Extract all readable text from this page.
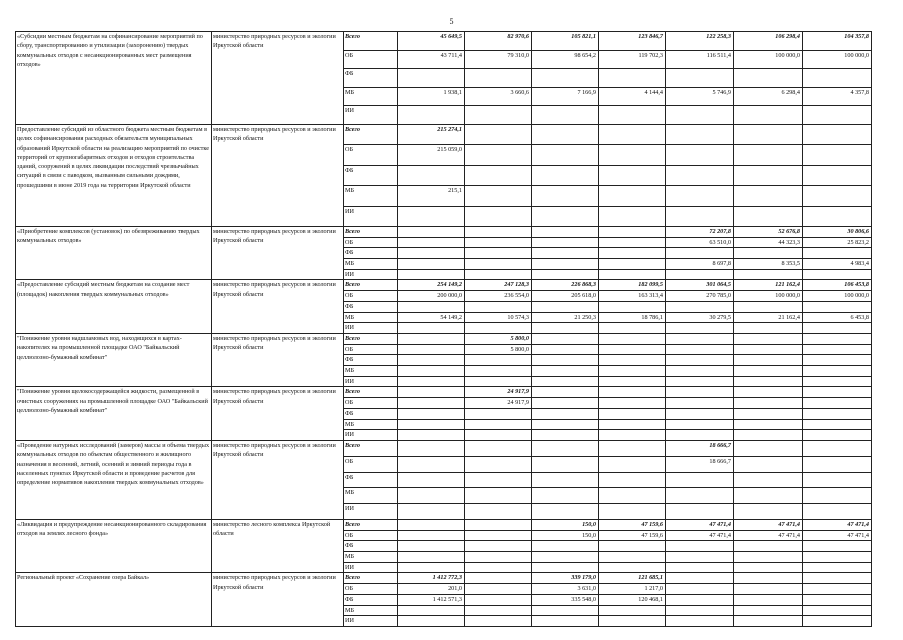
5
«Субсидии местным бюджетам на софинансирование мероприятий по сбору, транспортированию и утилизации (захоронению) твердых коммунальных отходов с несанкционированных мест размещения отходов»	министерство природных ресурсов и экологии Иркутской области	Всего	45 649,5	82 970,6	105 821,1	123 846,7	122 258,3	106 298,4	104 357,8
		ОБ	43 711,4	79 310,0	98 654,2	119 702,3	116 511,4	100 000,0	100 000,0
		ФБ							
		МБ	1 938,1	3 660,6	7 166,9	4 144,4	5 746,9	6 298,4	4 357,8
		ИИ							
Предоставление субсидий из областного бюджета местным бюджетам в целях софинансирования расходных обязательств муниципальных образований Иркутской области на реализацию мероприятий по очистке территорий от крупногабаритных отходов и отходов строительства зданий, сооружений в целях ликвидации последствий чрезвычайных ситуаций в связи с паводком, вызванным сильными дождями, прошедшими в июне 2019 года на территории Иркутской области	министерство природных ресурсов и экологии Иркутской области	Всего	215 274,1						
		ОБ	215 059,0						
		ФБ							
		МБ	215,1						
		ИИ							
«Приобретение комплексов (установок) по обезвреживанию твердых коммунальных отходов»	министерство природных ресурсов и экологии Иркутской области	Всего					72 207,8	52 676,8	30 806,6
		ОБ					63 510,0	44 323,3	25 823,2
		ФБ							
		МБ					8 697,8	8 353,5	4 983,4
		ИИ							
«Предоставление субсидий местным бюджетам на создание мест (площадок) накопления твердых коммунальных отходов»	министерство природных ресурсов и экологии Иркутской области	Всего	254 149,2	247 128,3	226 868,3	182 099,5	301 064,5	121 162,4	106 453,8
		ОБ	200 000,0	236 554,0	205 618,0	163 313,4	270 785,0	100 000,0	100 000,0
		ФБ							
		МБ	54 149,2	10 574,3	21 250,3	18 786,1	30 279,5	21 162,4	6 453,8
		ИИ							
"Понижение уровня надшламовых вод, находящихся в картах-накопителях на промышленной площадке ОАО "Байкальский целлюлозно-бумажный комбинат"	министерство природных ресурсов и экологии Иркутской области	Всего		5 800,0					
		ОБ		5 800,0					
		ФБ							
		МБ							
		ИИ							
"Понижение уровня щелокосодержащейся жидкости, размещенной в очистных сооружениях на промышленной площадке ОАО "Байкальский целлюлозно-бумажный комбинат"	министерство природных ресурсов и экологии Иркутской области	Всего		24 917,9					
		ОБ		24 917,9					
		ФБ							
		МБ							
		ИИ							
«Проведение натурных исследований (замеров) массы и объема твердых коммунальных отходов по объектам общественного и жилищного назначения в весенний, летний, осенний и зимний периоды года в населенных пунктах Иркутской области и проведение расчетов для определение нормативов накопления твердых коммунальных отходов»	министерство природных ресурсов и экологии Иркутской области	Всего					18 666,7		
		ОБ					18 666,7		
		ФБ							
		МБ							
		ИИ							
«Ликвидация и предупреждение несанкционированного складирования отходов на землях лесного фонда»	министерство лесного комплекса Иркутской области	Всего			150,0	47 159,6	47 471,4	47 471,4	47 471,4
		ОБ			150,0	47 159,6	47 471,4	47 471,4	47 471,4
		ФБ							
		МБ							
		ИИ							
Региональный проект «Сохранение озера Байкал»	министерство природных ресурсов и экологии Иркутской области	Всего	1 412 772,3		339 179,0	121 685,1			
		ОБ	201,0		3 631,0	1 217,0			
		ФБ	1 412 571,3		335 548,0	120 468,1			
		МБ							
		ИИ							
